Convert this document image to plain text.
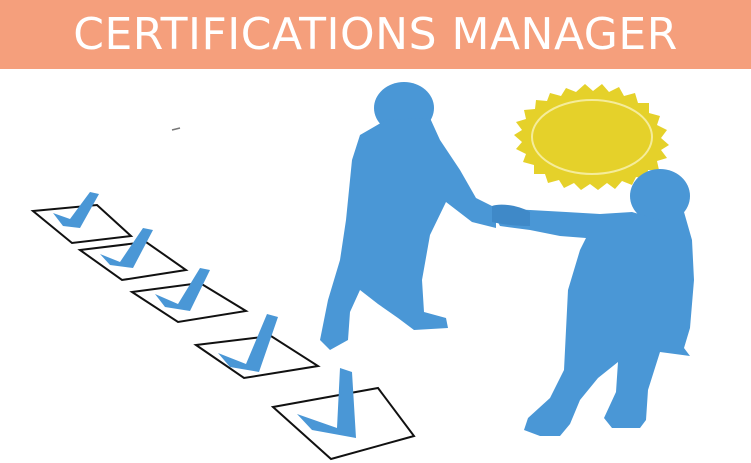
CERTIFICATIONS MANAGER
